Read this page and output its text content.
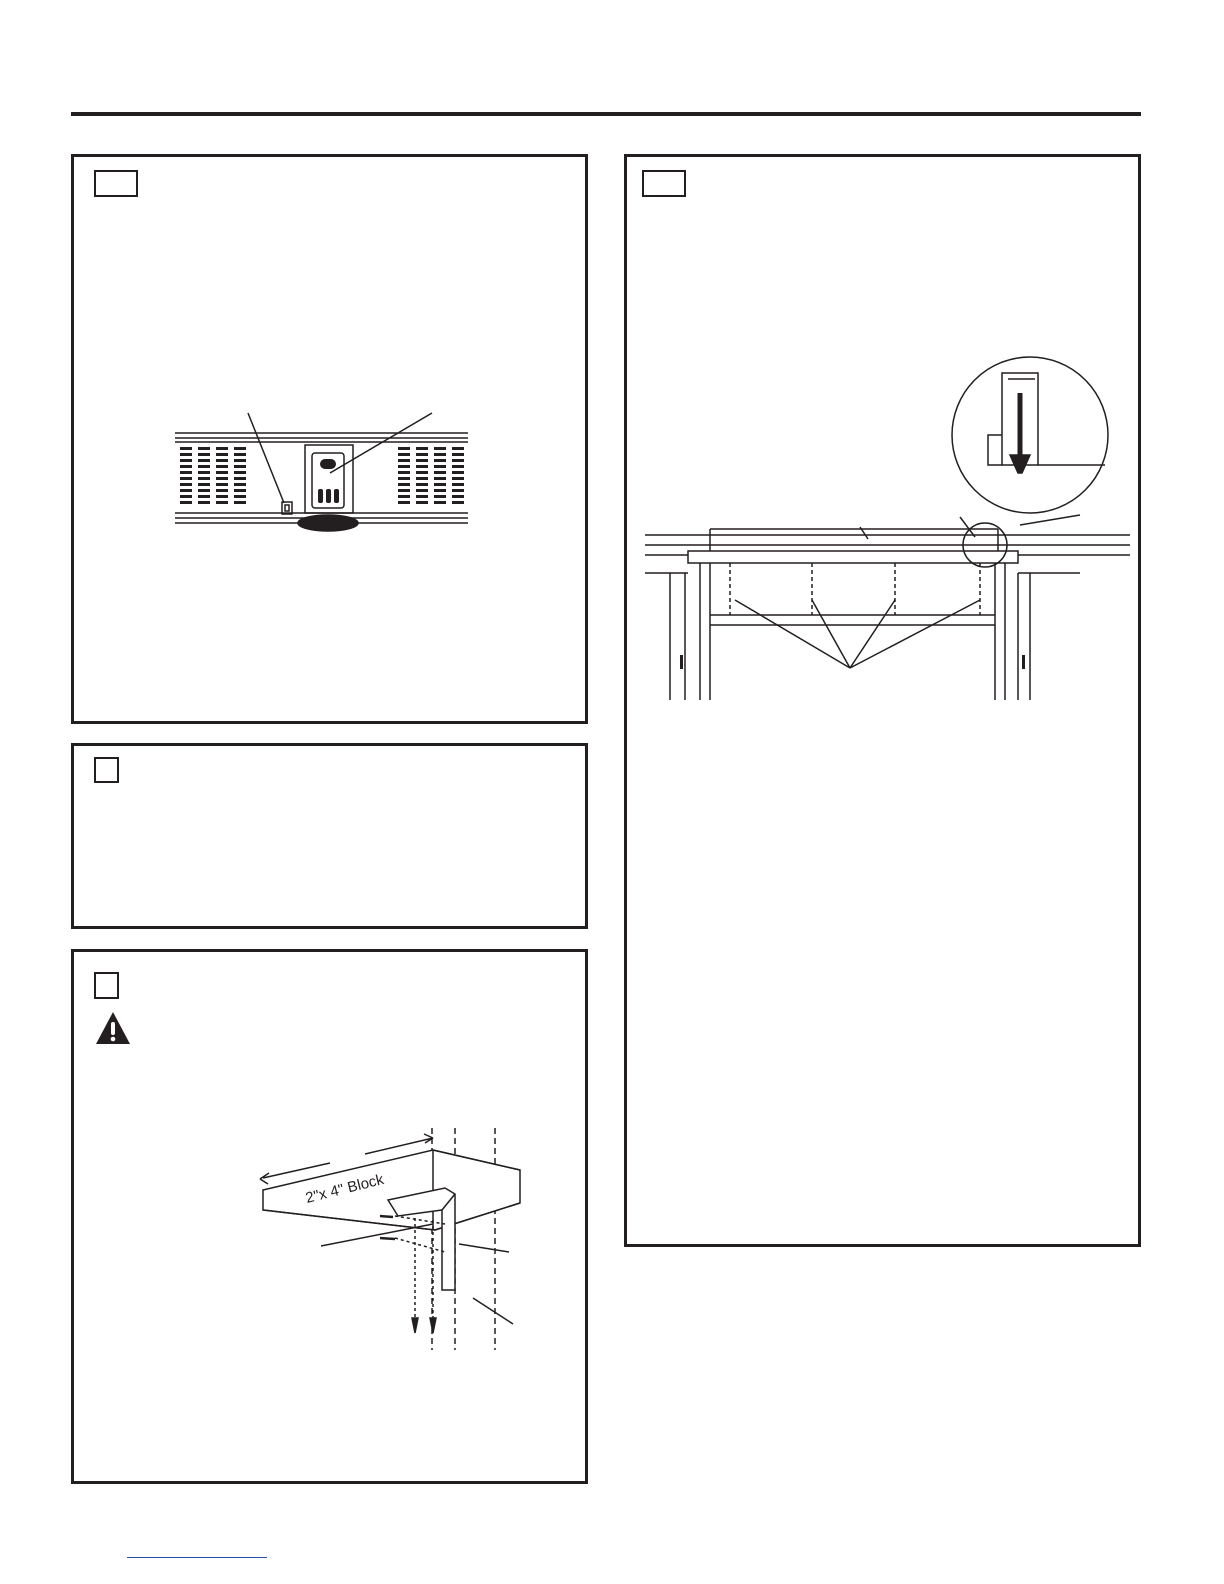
2"x 4" Block
